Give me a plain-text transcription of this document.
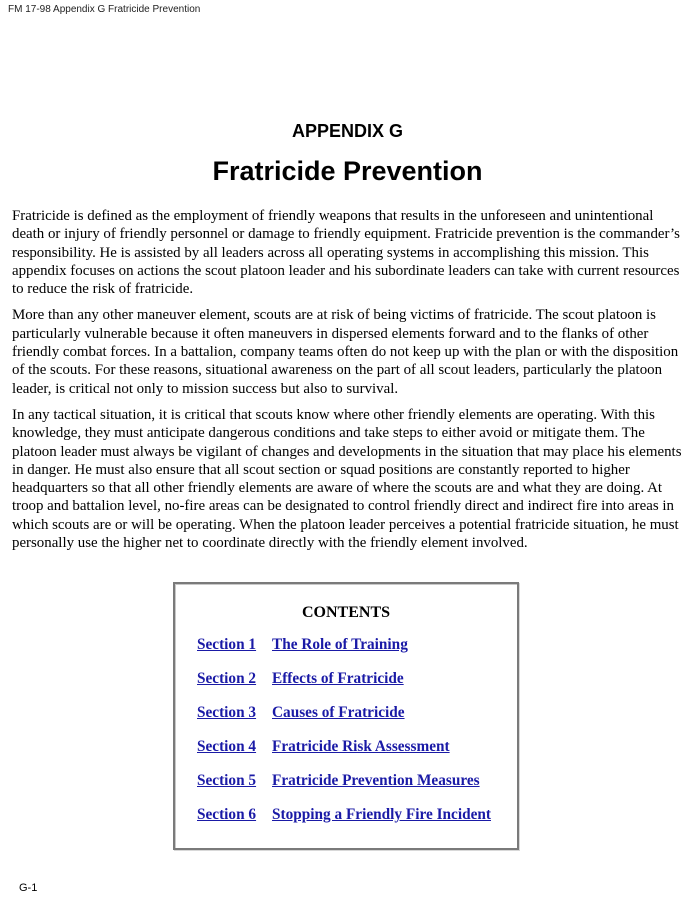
FM 17-98 Appendix G Fratricide Prevention
APPENDIX G
Fratricide Prevention

Fratricide is defined as the employment of friendly weapons that results in the unforeseen and unintentional death or injury of friendly personnel or damage to friendly equipment. Fratricide prevention is the commander’s responsibility. He is assisted by all leaders across all operating systems in accomplishing this mission. This appendix focuses on actions the scout platoon leader and his subordinate leaders can take with current resources to reduce the risk of fratricide.

More than any other maneuver element, scouts are at risk of being victims of fratricide. The scout platoon is particularly vulnerable because it often maneuvers in dispersed elements forward and to the flanks of other friendly combat forces. In a battalion, company teams often do not keep up with the plan or with the disposition of the scouts. For these reasons, situational awareness on the part of all scout leaders, particularly the platoon leader, is critical not only to mission success but also to survival.

In any tactical situation, it is critical that scouts know where other friendly elements are operating. With this knowledge, they must anticipate dangerous conditions and take steps to either avoid or mitigate them. The platoon leader must always be vigilant of changes and developments in the situation that may place his elements in danger. He must also ensure that all scout section or squad positions are constantly reported to higher headquarters so that all other friendly elements are aware of where the scouts are and what they are doing. At troop and battalion level, no-fire areas can be designated to control friendly direct and indirect fire into areas in which scouts are or will be operating. When the platoon leader perceives a potential fratricide situation, he must personally use the higher net to coordinate directly with the friendly element involved.

CONTENTS
Section 1 The Role of Training
Section 2 Effects of Fratricide
Section 3 Causes of Fratricide
Section 4 Fratricide Risk Assessment
Section 5 Fratricide Prevention Measures
Section 6 Stopping a Friendly Fire Incident
G-1
